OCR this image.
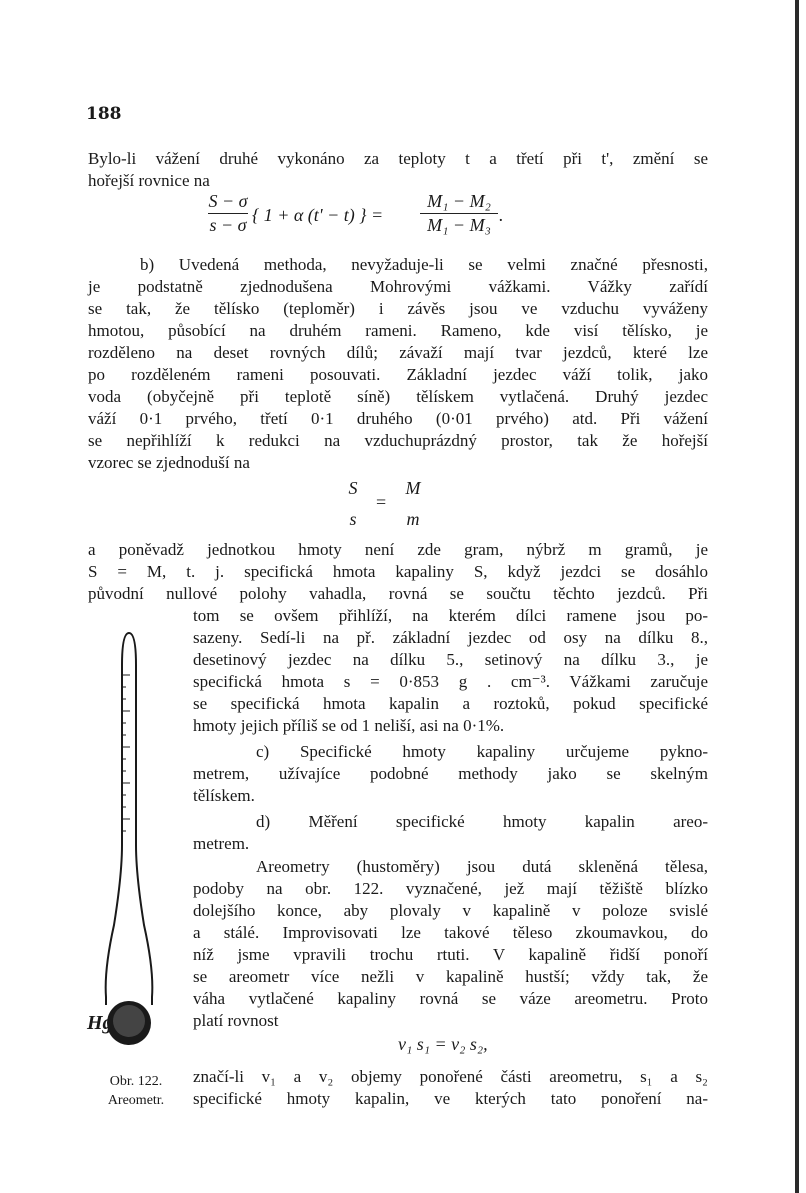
188
Bylo-li vážení druhé vykonáno za teploty t a třetí při t', změní se
hořejší rovnice na
S − σ
s − σ { 1 + α (t' − t) } =
M₁ − M₂
M₁ − M₃ .
b) Uvedená methoda, nevyžaduje-li se velmi značné přesnosti,
je podstatně zjednodušena Mohrovými vážkami. Vážky zařídí
se tak, že tělísko (teploměr) i závěs jsou ve vzduchu vyváženy
hmotou, působící na druhém rameni. Rameno, kde visí tělísko, je
rozděleno na deset rovných dílů; závaží mají tvar jezdců, které lze
po rozděleném rameni posouvati. Základní jezdec váží tolik, jako
voda (obyčejně při teplotě síně) tělískem vytlačená. Druhý jezdec
váží 0·1 prvého, třetí 0·1 druhého (0·01 prvého) atd. Při vážení
se nepřihlíží k redukci na vzduchuprázdný prostor, tak že hořejší
vzorec se zjednoduší na
S
s
=
M
m
a poněvadž jednotkou hmoty není zde gram, nýbrž m gramů, je
S = M, t. j. specifická hmota kapaliny S, když jezdci se dosáhlo
původní nullové polohy vahadla, rovná se součtu těchto jezdců. Při
tom se ovšem přihlíží, na kterém dílci ramene jsou po-
sazeny. Sedí-li na př. základní jezdec od osy na dílku 8.,
desetinový jezdec na dílku 5., setinový na dílku 3., je
specifická hmota s = 0·853 g . cm⁻³. Vážkami zaručuje
se specifická hmota kapalin a roztoků, pokud specifické
hmoty jejich příliš se od 1 neliší, asi na 0·1%.
c) Specifické hmoty kapaliny určujeme pykno-
metrem, užívajíce podobné methody jako se skelným
tělískem.
d) Měření specifické hmoty kapalin areo-
metrem.
Areometry (hustoměry) jsou dutá skleněná tělesa,
podoby na obr. 122. vyznačené, jež mají těžiště blízko
dolejšího konce, aby plovaly v kapalině v poloze svislé
a stálé. Improvisovati lze takové těleso zkoumavkou, do
níž jsme vpravili trochu rtuti. V kapalině řidší ponoří
se areometr více nežli v kapalině hustší; vždy tak, že
váha vytlačené kapaliny rovná se váze areometru. Proto
platí rovnost
v₁ s₁ = v₂ s₂,
značí-li v₁ a v₂ objemy ponořené části areometru, s₁ a s₂
specifické hmoty kapalin, ve kterých tato ponoření na-
Hg
Obr. 122.
Areometr.
